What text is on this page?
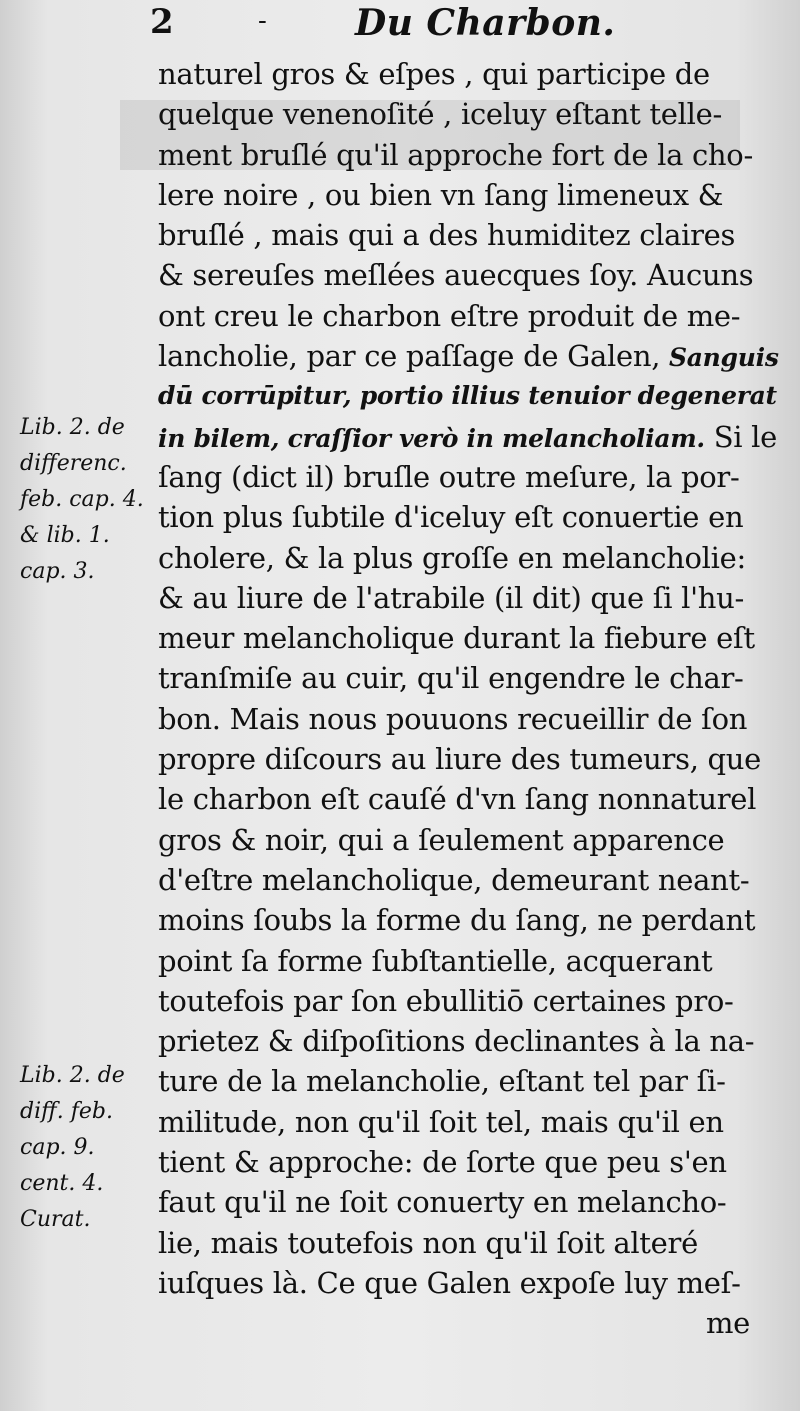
2	- Du Charbon.
naturel gros & eſpes , qui participe de
quelque venenoſité , iceluy eſtant telle-
ment bruſlé qu'il approche fort de la cho-
lere noire , ou bien vn ſang limeneux &
bruſlé , mais qui a des humiditez claires
& sereuſes meſlées auecques ſoy. Aucuns
ont creu le charbon eſtre produit de me-
lancholie, par ce paſſage de Galen, Sanguis
dū corrūpitur, portio illius tenuior degenerat
in bilem, craſſior verò in melancholiam. Si le
ſang (dict il) bruſle outre meſure, la por-
tion plus ſubtile d'iceluy eſt conuertie en
cholere, & la plus groſſe en melancholie:
& au liure de l'atrabile (il dit) que ſi l'hu-
meur melancholique durant la fiebure eſt
tranſmiſe au cuir, qu'il engendre le char-
bon. Mais nous pouuons recueillir de ſon
propre diſcours au liure des tumeurs, que
le charbon eſt cauſé d'vn ſang nonnaturel
gros & noir, qui a ſeulement apparence
d'eſtre melancholique, demeurant neant-
moins ſoubs la forme du ſang, ne perdant
point ſa forme ſubſtantielle, acquerant
toutefois par ſon ebullitiō certaines pro-
prietez & diſpoſitions declinantes à la na-
ture de la melancholie, eſtant tel par ſi-
militude, non qu'il ſoit tel, mais qu'il en
tient & approche: de ſorte que peu s'en
faut qu'il ne ſoit conuerty en melancho-
lie, mais toutefois non qu'il ſoit alteré
iuſques là. Ce que Galen expoſe luy meſ-
me
Lib. 2. de
differenc.
feb. cap. 4.
& lib. 1.
cap. 3.
Lib. 2. de
diff. feb.
cap. 9.
cent. 4.
Curat.
